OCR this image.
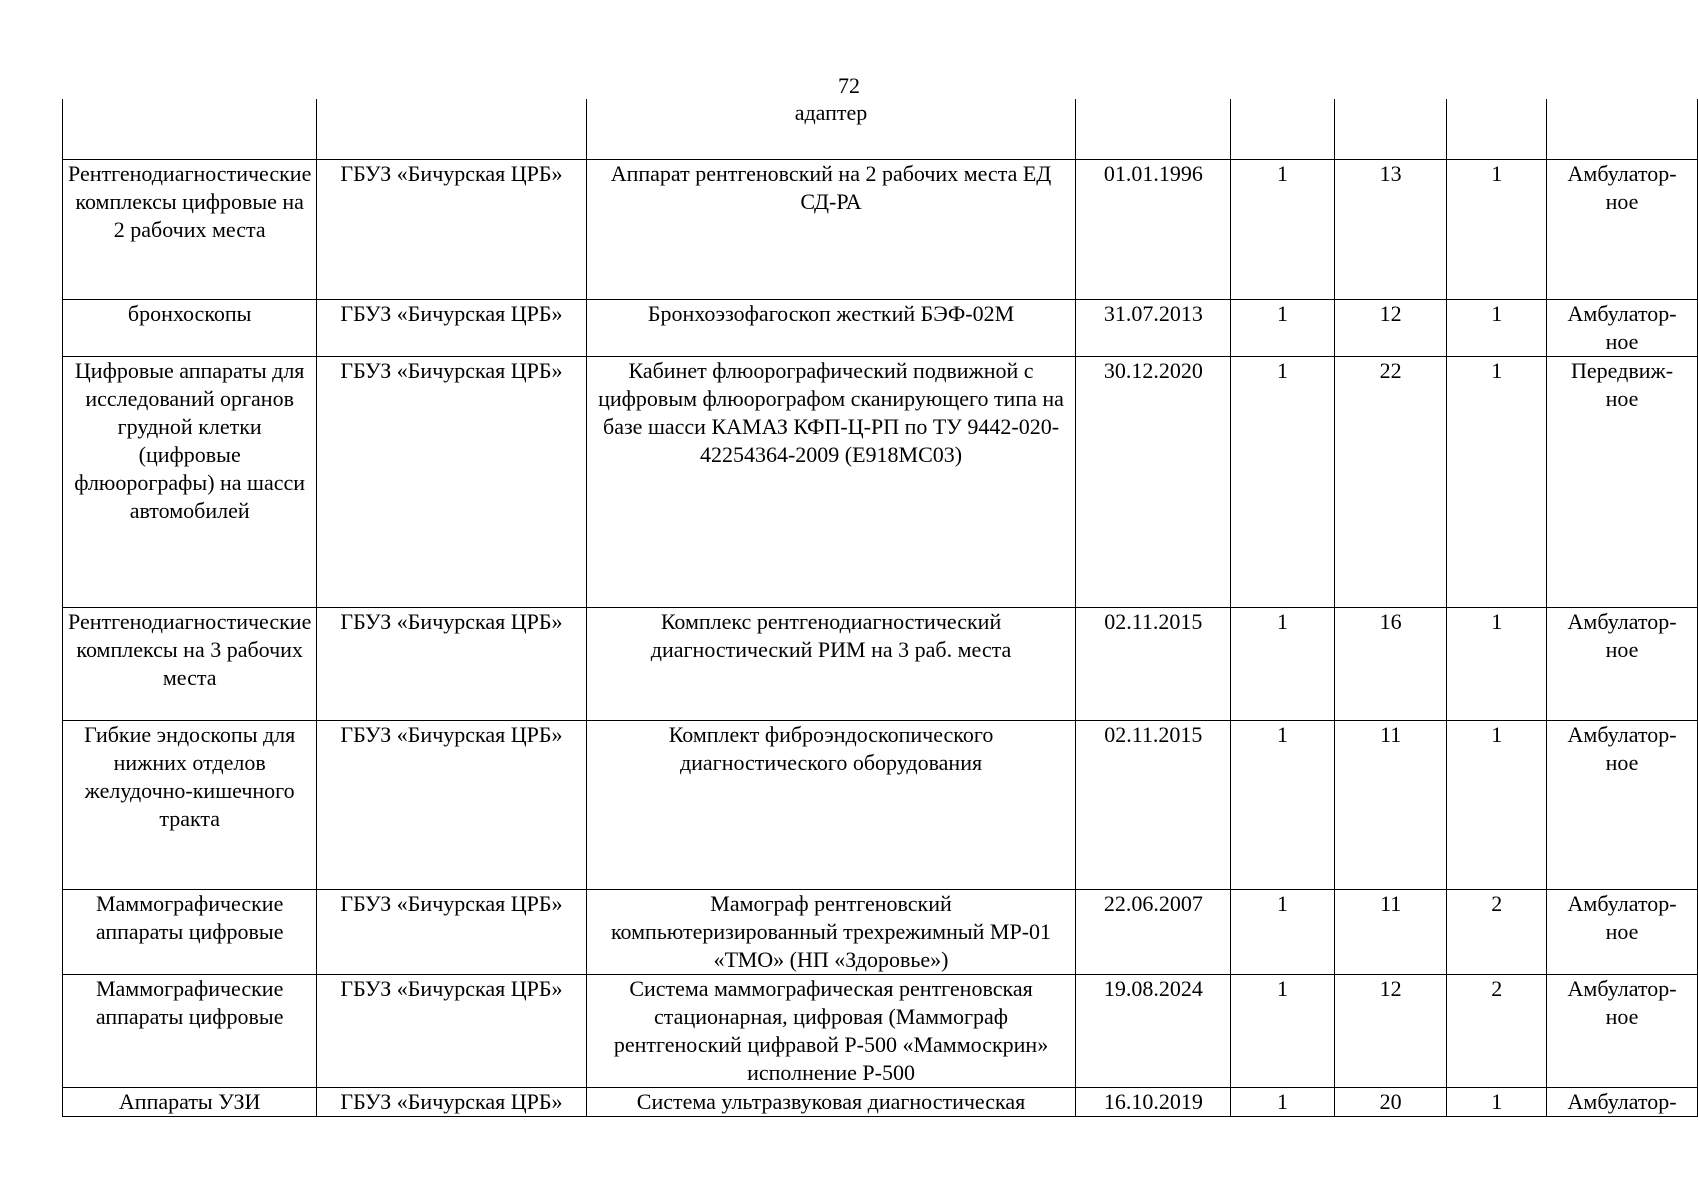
72
		адаптер					
Рентгенодиагностические комплексы цифровые на 2 рабочих места	ГБУЗ «Бичурская ЦРБ»	Аппарат рентгеновский на 2 рабочих места ЕД СД-РА	01.01.1996	1	13	1	Амбулатор-ное
бронхоскопы	ГБУЗ «Бичурская ЦРБ»	Бронхоэзофагоскоп жесткий БЭФ-02М	31.07.2013	1	12	1	Амбулатор-ное
Цифровые аппараты для исследований органов грудной клетки (цифровые флюорографы) на шасси автомобилей	ГБУЗ «Бичурская ЦРБ»	Кабинет флюорографический подвижной с цифровым флюорографом сканирующего типа на базе шасси КАМАЗ КФП-Ц-РП по ТУ 9442-020-42254364-2009 (Е918МС03)	30.12.2020	1	22	1	Передвиж-ное
Рентгенодиагностические комплексы на 3 рабочих места	ГБУЗ «Бичурская ЦРБ»	Комплекс рентгенодиагностический диагностический РИМ на 3 раб. места	02.11.2015	1	16	1	Амбулатор-ное
Гибкие эндоскопы для нижних отделов желудочно-кишечного тракта	ГБУЗ «Бичурская ЦРБ»	Комплект фиброэндоскопического диагностического оборудования	02.11.2015	1	11	1	Амбулатор-ное
Маммографические аппараты цифровые	ГБУЗ «Бичурская ЦРБ»	Мамограф рентгеновский компьютеризированный трехрежимный МР-01 «ТМО» (НП «Здоровье»)	22.06.2007	1	11	2	Амбулатор-ное
Маммографические аппараты цифровые	ГБУЗ «Бичурская ЦРБ»	Система маммографическая рентгеновская стационарная, цифровая (Маммограф рентгеноский цифравой Р-500 «Маммоскрин» исполнение Р-500	19.08.2024	1	12	2	Амбулатор-ное
Аппараты УЗИ	ГБУЗ «Бичурская ЦРБ»	Система ультразвуковая диагностическая	16.10.2019	1	20	1	Амбулатор-
